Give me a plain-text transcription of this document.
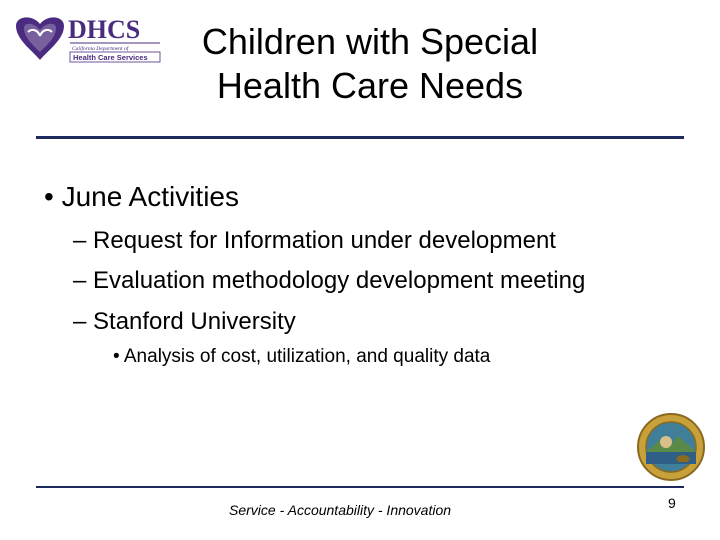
DHCS
California Department of
Health Care Services	Children with Special
Health Care Needs
• June Activities
– Request for Information under development
– Evaluation methodology development meeting
– Stanford University
• Analysis of cost, utilization, and quality data
Service - Accountability - Innovation	9
